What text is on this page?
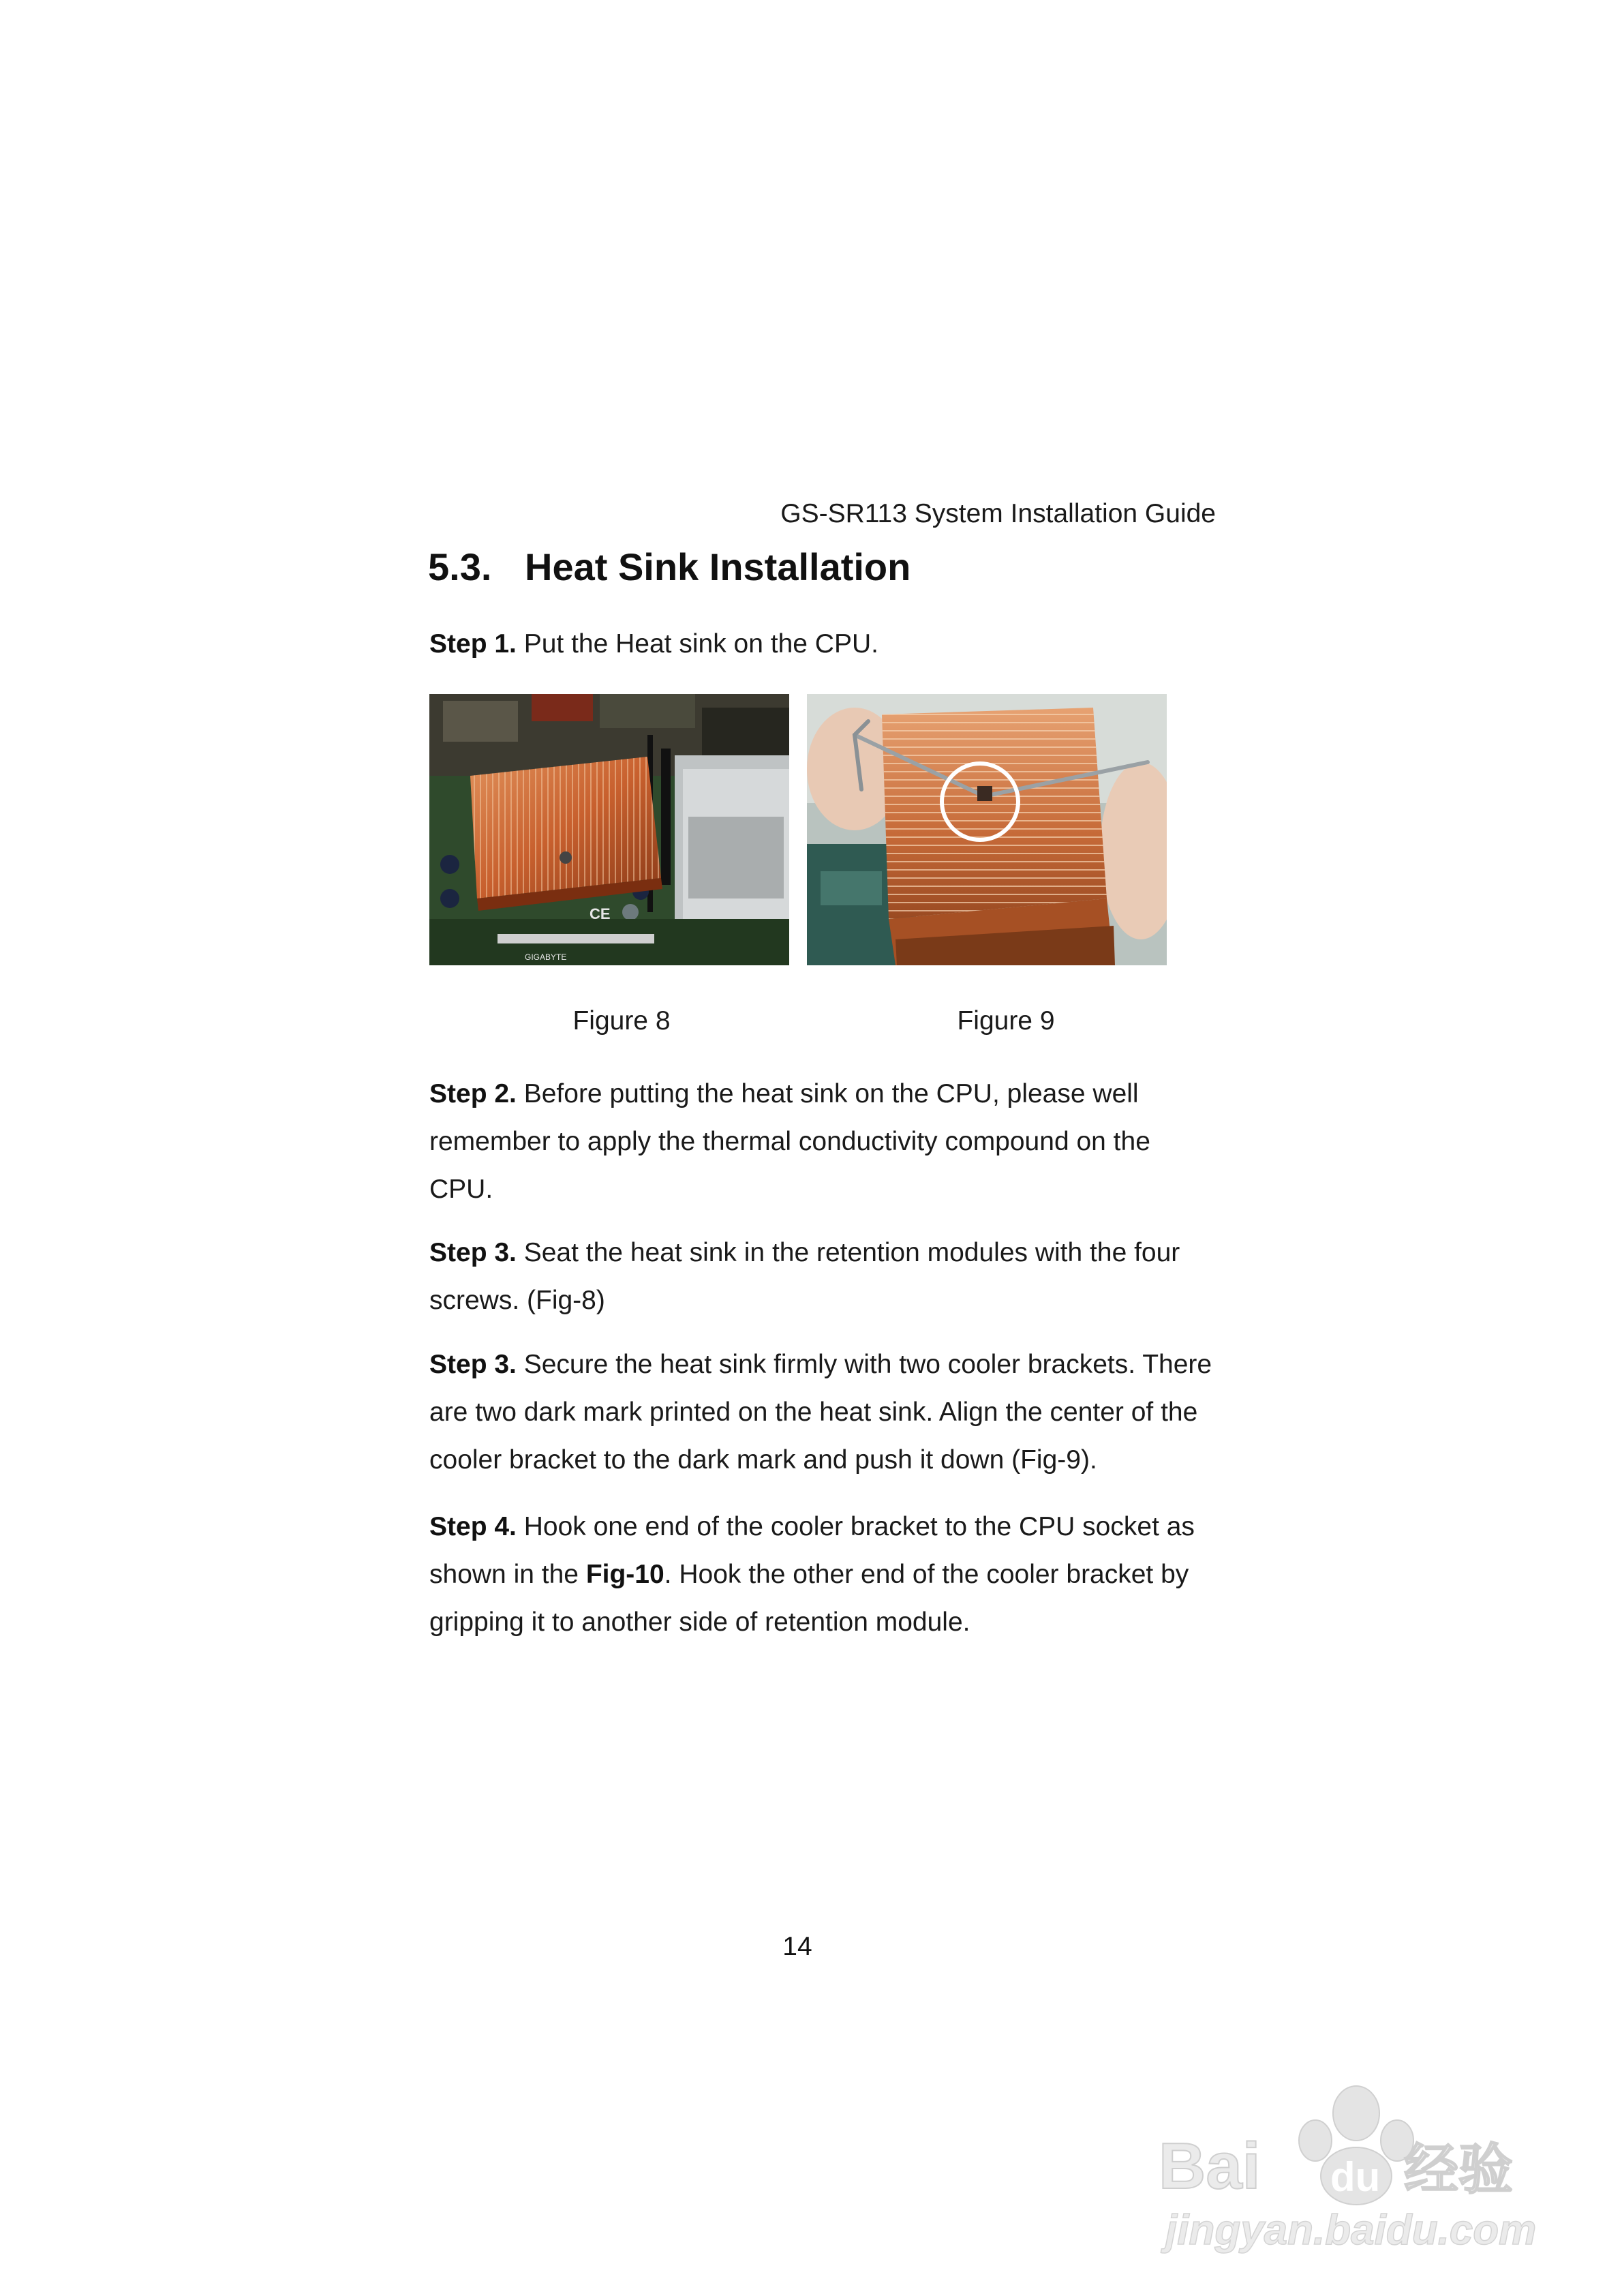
GS-SR113 System Installation Guide
5.3. Heat Sink Installation

Step 1. Put the Heat sink on the CPU.

GIGABYTE
CE
Figure 8	Figure 9

Step 2. Before putting the heat sink on the CPU, please well remember to apply the thermal conductivity compound on the CPU.

Step 3. Seat the heat sink in the retention modules with the four screws. (Fig-8)

Step 3. Secure the heat sink firmly with two cooler brackets. There are two dark mark printed on the heat sink. Align the center of the cooler bracket to the dark mark and push it down (Fig-9).

Step 4. Hook one end of the cooler bracket to the CPU socket as shown in the Fig-10. Hook the other end of the cooler bracket by gripping it to another side of retention module.

14
Bai du 经验
jingyan.baidu.com
